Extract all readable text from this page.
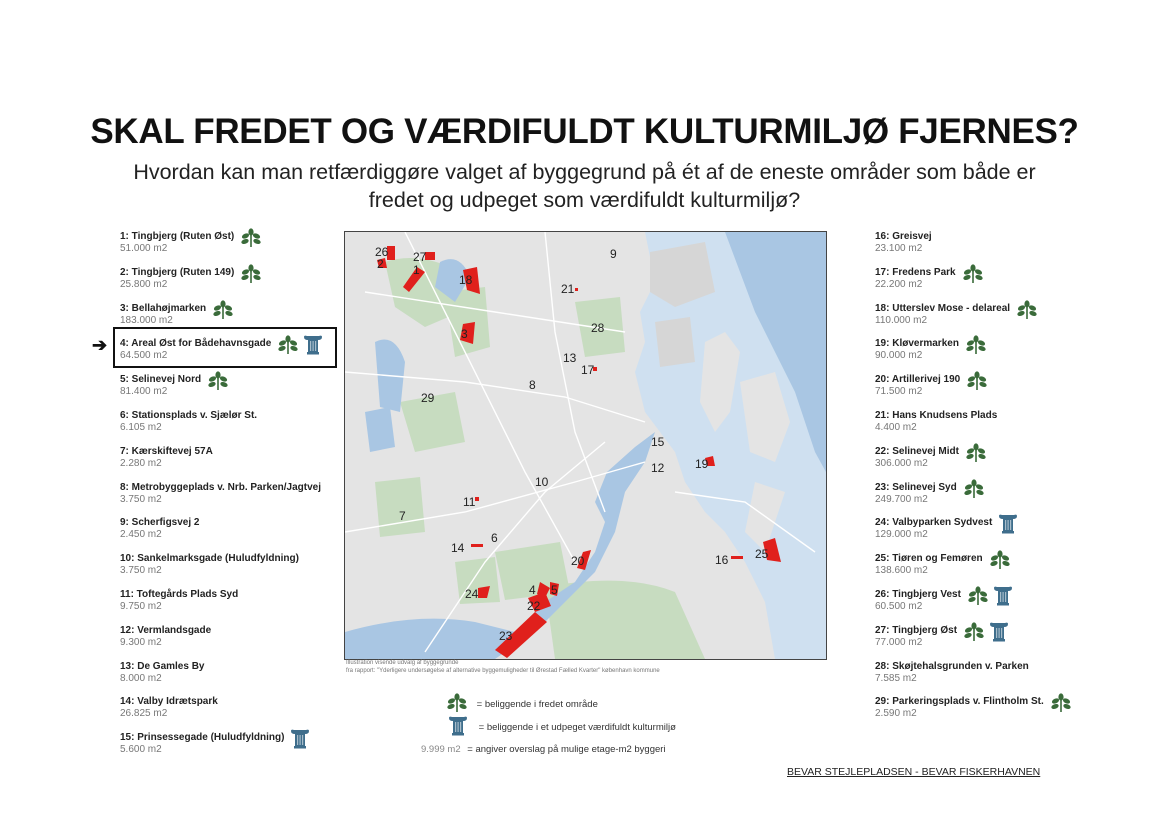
SKAL FREDET OG VÆRDIFULDT KULTURMILJØ FJERNES?
Hvordan kan man retfærdiggøre valget af byggegrund på ét af de eneste områder som både er
fredet og udpeget som værdifuldt kulturmiljø?
➔
1: Tingbjerg (Ruten Øst)
51.000 m2
2: Tingbjerg (Ruten 149)
25.800 m2
3: Bellahøjmarken
183.000 m2
4: Areal Øst for Bådehavnsgade
64.500 m2
5: Selinevej Nord
81.400 m2
6: Stationsplads v. Sjælør St.
6.105 m2
7: Kærskiftevej 57A
2.280 m2
8: Metrobyggeplads v. Nrb. Parken/Jagtvej
3.750 m2
9: Scherfigsvej 2
2.450 m2
10: Sankelmarksgade (Huludfyldning)
3.750 m2
11: Toftegårds Plads Syd
9.750 m2
12: Vermlandsgade
9.300 m2
13: De Gamles By
8.000 m2
14: Valby Idrætspark
26.825 m2
15: Prinsessegade (Huludfyldning)
5.600 m2
16: Greisvej
23.100 m2
17: Fredens Park
22.200 m2
18: Utterslev Mose - delareal
110.000 m2
19: Kløvermarken
90.000 m2
20: Artillerivej 190
71.500 m2
21: Hans Knudsens Plads
4.400 m2
22: Selinevej Midt
306.000 m2
23: Selinevej Syd
249.700 m2
24: Valbyparken Sydvest
129.000 m2
25: Tiøren og Femøren
138.600 m2
26: Tingbjerg Vest
60.500 m2
27: Tingbjerg Øst
77.000 m2
28: Skøjtehalsgrunden v. Parken
7.585 m2
29: Parkeringsplads v. Flintholm St.
2.590 m2
1
2
3
4 5
6
7
8
9
10
11
12
13
14
15
16
17
18
19
20
21
22
23
24
25
26 27
28
29
Illustration visende udvalg af byggegrunde
fra rapport: "Yderligere undersøgelse af alternative byggemuligheder til Ørestad Fælled Kvarter" københavn kommune
= beliggende i fredet område
= beliggende i et udpeget værdifuldt kulturmiljø
9.999 m2 = angiver overslag på mulige etage-m2 byggeri
BEVAR STEJLEPLADSEN - BEVAR FISKERHAVNEN
